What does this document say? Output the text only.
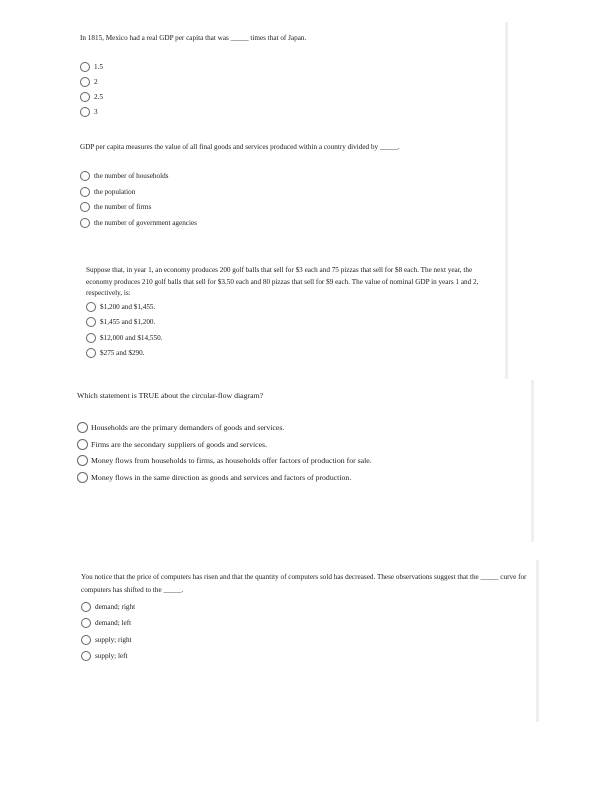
In 1815, Mexico had a real GDP per capita that was _____ times that of Japan.

1.5
2
2.5
3

GDP per capita measures the value of all final goods and services produced within a country divided by _____.

the number of households
the population
the number of firms
the number of government agencies

Suppose that, in year 1, an economy produces 200 golf balls that sell for $3 each and 75 pizzas that sell for $8 each. The next year, the economy produces 210 golf balls that sell for $3.50 each and 80 pizzas that sell for $9 each. The value of nominal GDP in years 1 and 2, respectively, is:

$1,200 and $1,455.
$1,455 and $1,200.
$12,000 and $14,550.
$275 and $290.

Which statement is TRUE about the circular-flow diagram?

Households are the primary demanders of goods and services.
Firms are the secondary suppliers of goods and services.
Money flows from households to firms, as households offer factors of production for sale.
Money flows in the same direction as goods and services and factors of production.

You notice that the price of computers has risen and that the quantity of computers sold has decreased. These observations suggest that the _____ curve for computers has shifted to the _____.

demand; right
demand; left
supply; right
supply; left
